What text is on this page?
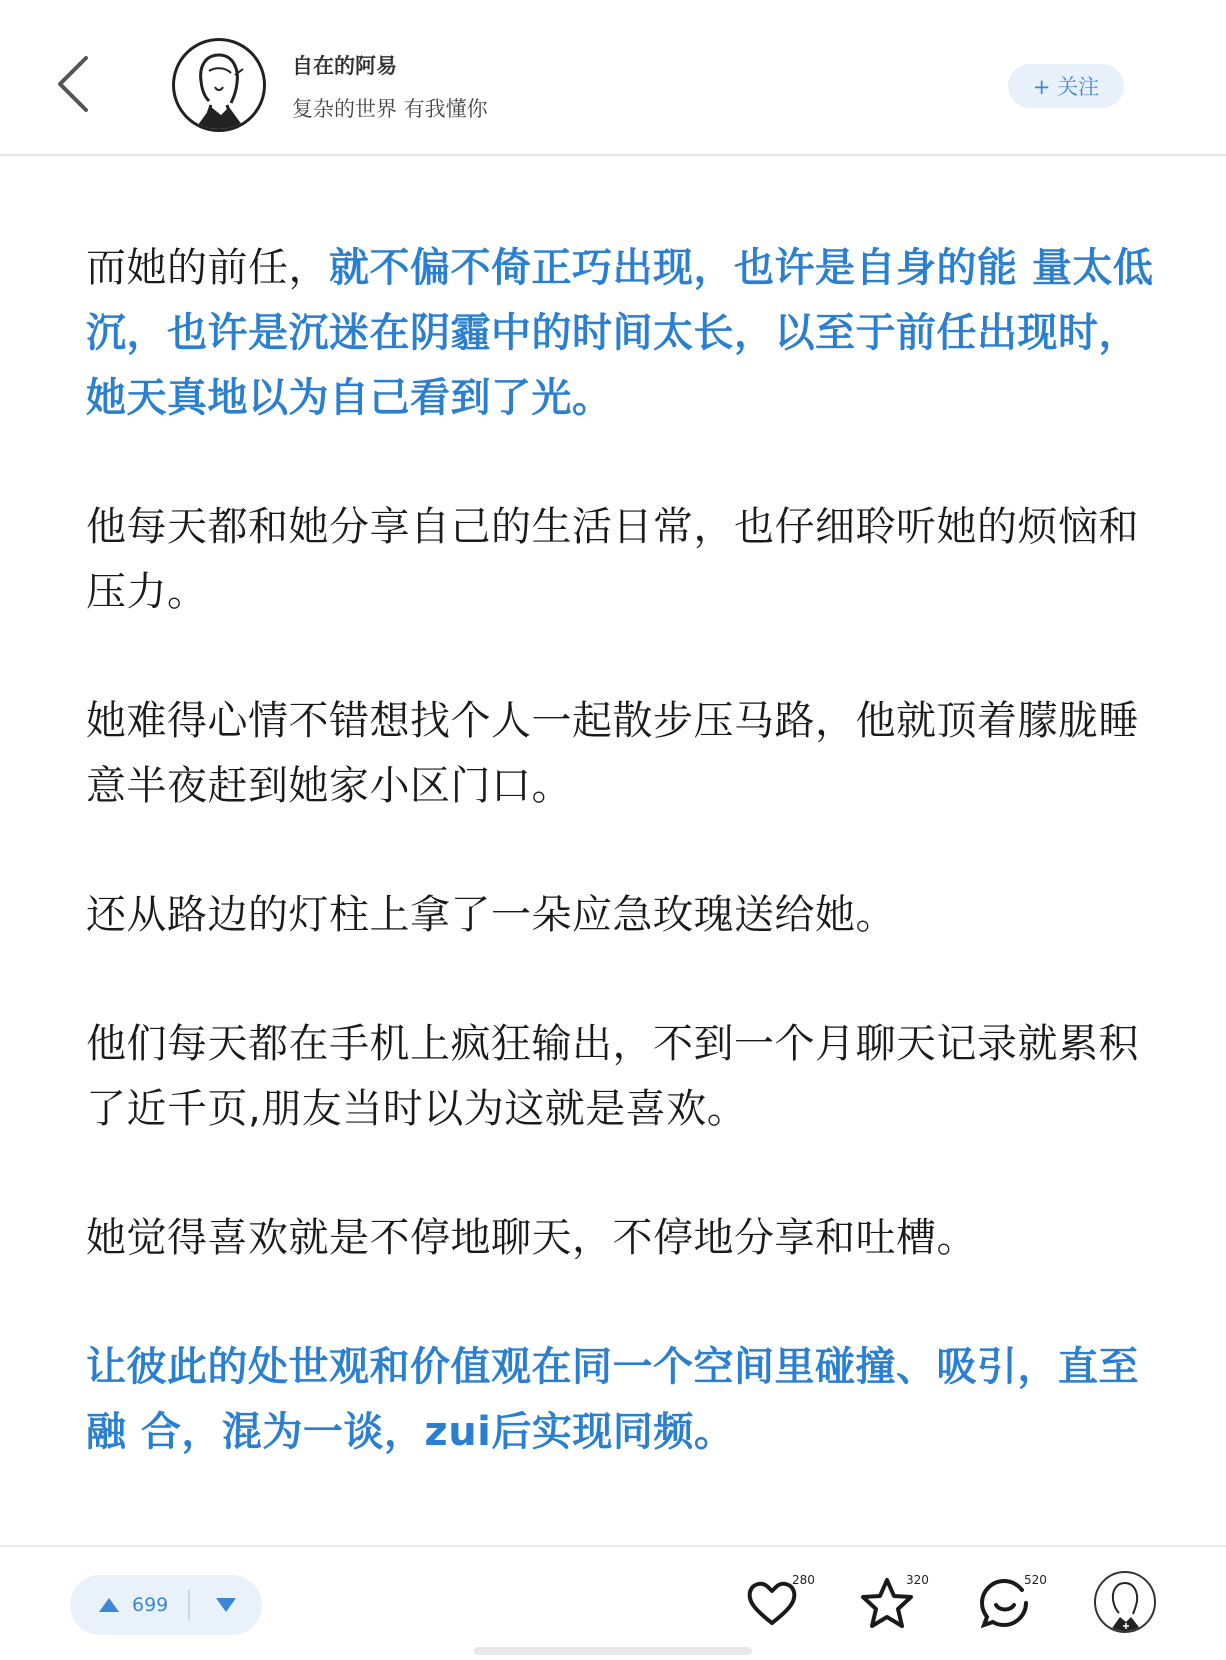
自在的阿易
复杂的世界 有我懂你
+ 关注

而她的前任，就不偏不倚正巧出现，也许是自身的能 量太低沉，也许是沉迷在阴霾中的时间太长，以至于前任出现时，她天真地以为自己看到了光。

他每天都和她分享自己的生活日常，也仔细聆听她的烦恼和压力。

她难得心情不错想找个人一起散步压马路，他就顶着朦胧睡意半夜赶到她家小区门口。

还从路边的灯柱上拿了一朵应急玫瑰送给她。

他们每天都在手机上疯狂输出，不到一个月聊天记录就累积了近千页,朋友当时以为这就是喜欢。

她觉得喜欢就是不停地聊天，不停地分享和吐槽。

让彼此的处世观和价值观在同一个空间里碰撞、吸引，直至融 合，混为一谈，zui后实现同频。

699
280	320	520
